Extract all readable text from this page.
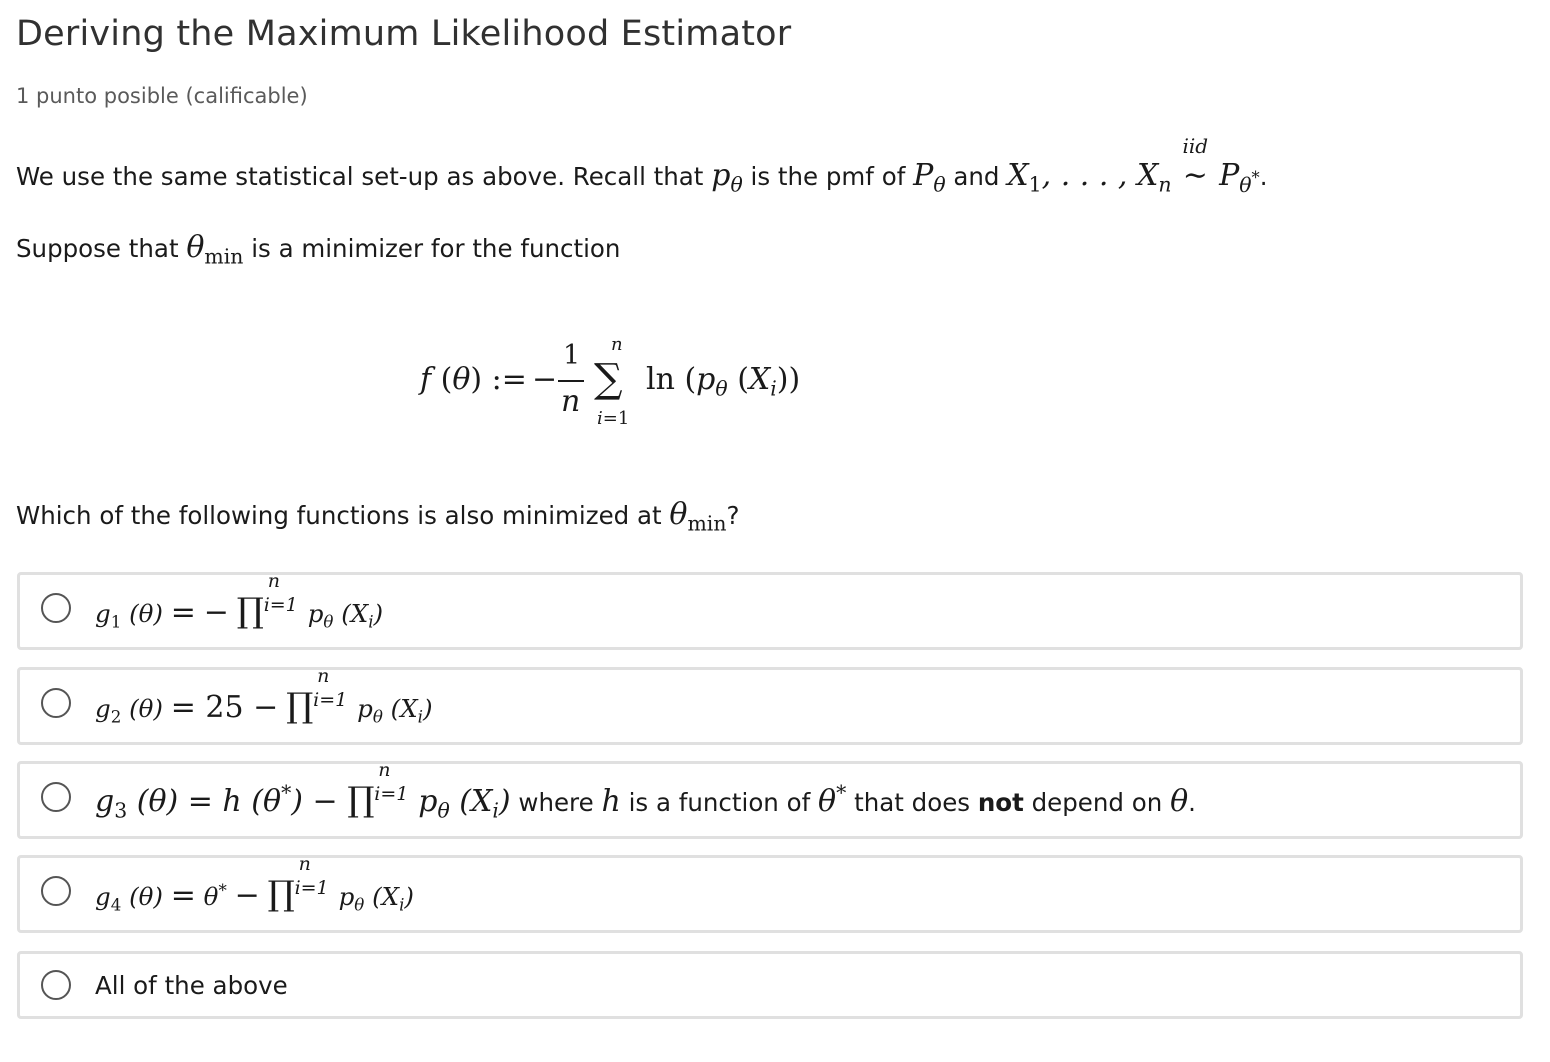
Deriving the Maximum Likelihood Estimator
1 punto posible (calificable)
We use the same statistical set-up as above. Recall that $p_\theta$ is the pmf of $P_\theta$ and $X_1$, . . . , $X_n$
iid
∼ $P_{\theta^*}$.
Suppose that $\theta_{min}$ is a minimizer for the function
f (θ) := −
1
n
n
∑
i=1
$\ln (p_\theta$ $(X_i)$)
Which of the following functions is also minimized at $\theta_{min}$?
$g_1$ (θ) = − ∏
n
i=1 $p_\theta$ $(X_i)$
$g_2$ (θ) = 25 − ∏
n
i=1 $p_\theta$ $(X_i)$
$g_3$ (θ) = h (θ*) − ∏
n
i=1 $p_\theta$ $(X_i)$ where h is a function of θ* that does not depend on θ.
$g_4$ (θ) = θ* − ∏
n
i=1 $p_\theta$ $(X_i)$
All of the above
